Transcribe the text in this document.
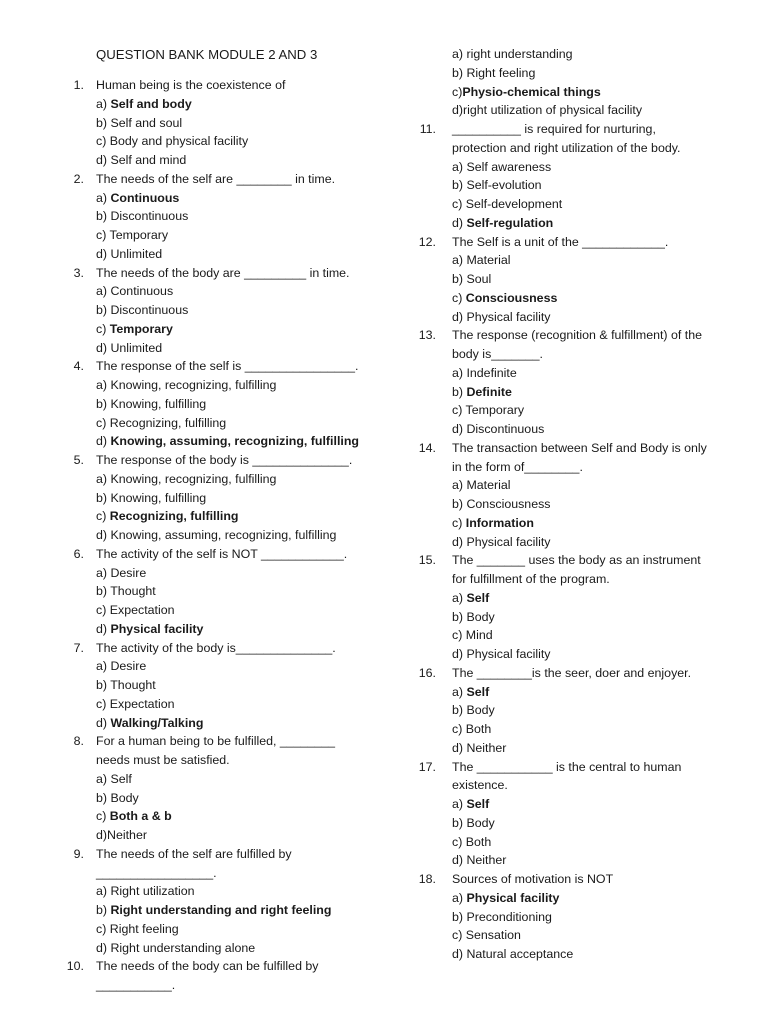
QUESTION BANK MODULE 2 AND 3
1. Human being is the coexistence of
a) Self and body
b) Self and soul
c) Body and physical facility
d) Self and mind
2. The needs of the self are ________ in time.
a) Continuous
b) Discontinuous
c) Temporary
d) Unlimited
3. The needs of the body are _________ in time.
a) Continuous
b) Discontinuous
c) Temporary
d) Unlimited
4. The response of the self is ________________.
a) Knowing, recognizing, fulfilling
b) Knowing, fulfilling
c) Recognizing, fulfilling
d) Knowing, assuming, recognizing, fulfilling
5. The response of the body is ______________.
a) Knowing, recognizing, fulfilling
b) Knowing, fulfilling
c) Recognizing, fulfilling
d) Knowing, assuming, recognizing, fulfilling
6. The activity of the self is NOT ____________.
a) Desire
b) Thought
c) Expectation
d) Physical facility
7. The activity of the body is______________.
a) Desire
b) Thought
c) Expectation
d) Walking/Talking
8. For a human being to be fulfilled, ________
needs must be satisfied.
a) Self
b) Body
c) Both a & b
d)Neither
9. The needs of the self are fulfilled by
_________________.
a) Right utilization
b) Right understanding and right feeling
c) Right feeling
d) Right understanding alone
10. The needs of the body can be fulfilled by
___________.
a) right understanding
b) Right feeling
c)Physio-chemical things
d)right utilization of physical facility
11. __________ is required for nurturing,
protection and right utilization of the body.
a) Self awareness
b) Self-evolution
c) Self-development
d) Self-regulation
12. The Self is a unit of the ____________.
a) Material
b) Soul
c) Consciousness
d) Physical facility
13. The response (recognition & fulfillment) of the
body is_______.
a) Indefinite
b) Definite
c) Temporary
d) Discontinuous
14. The transaction between Self and Body is only
in the form of________.
a) Material
b) Consciousness
c) Information
d) Physical facility
15. The _______ uses the body as an instrument
for fulfillment of the program.
a) Self
b) Body
c) Mind
d) Physical facility
16. The ________is the seer, doer and enjoyer.
a) Self
b) Body
c) Both
d) Neither
17. The ___________ is the central to human
existence.
a) Self
b) Body
c) Both
d) Neither
18. Sources of motivation is NOT
a) Physical facility
b) Preconditioning
c) Sensation
d) Natural acceptance
